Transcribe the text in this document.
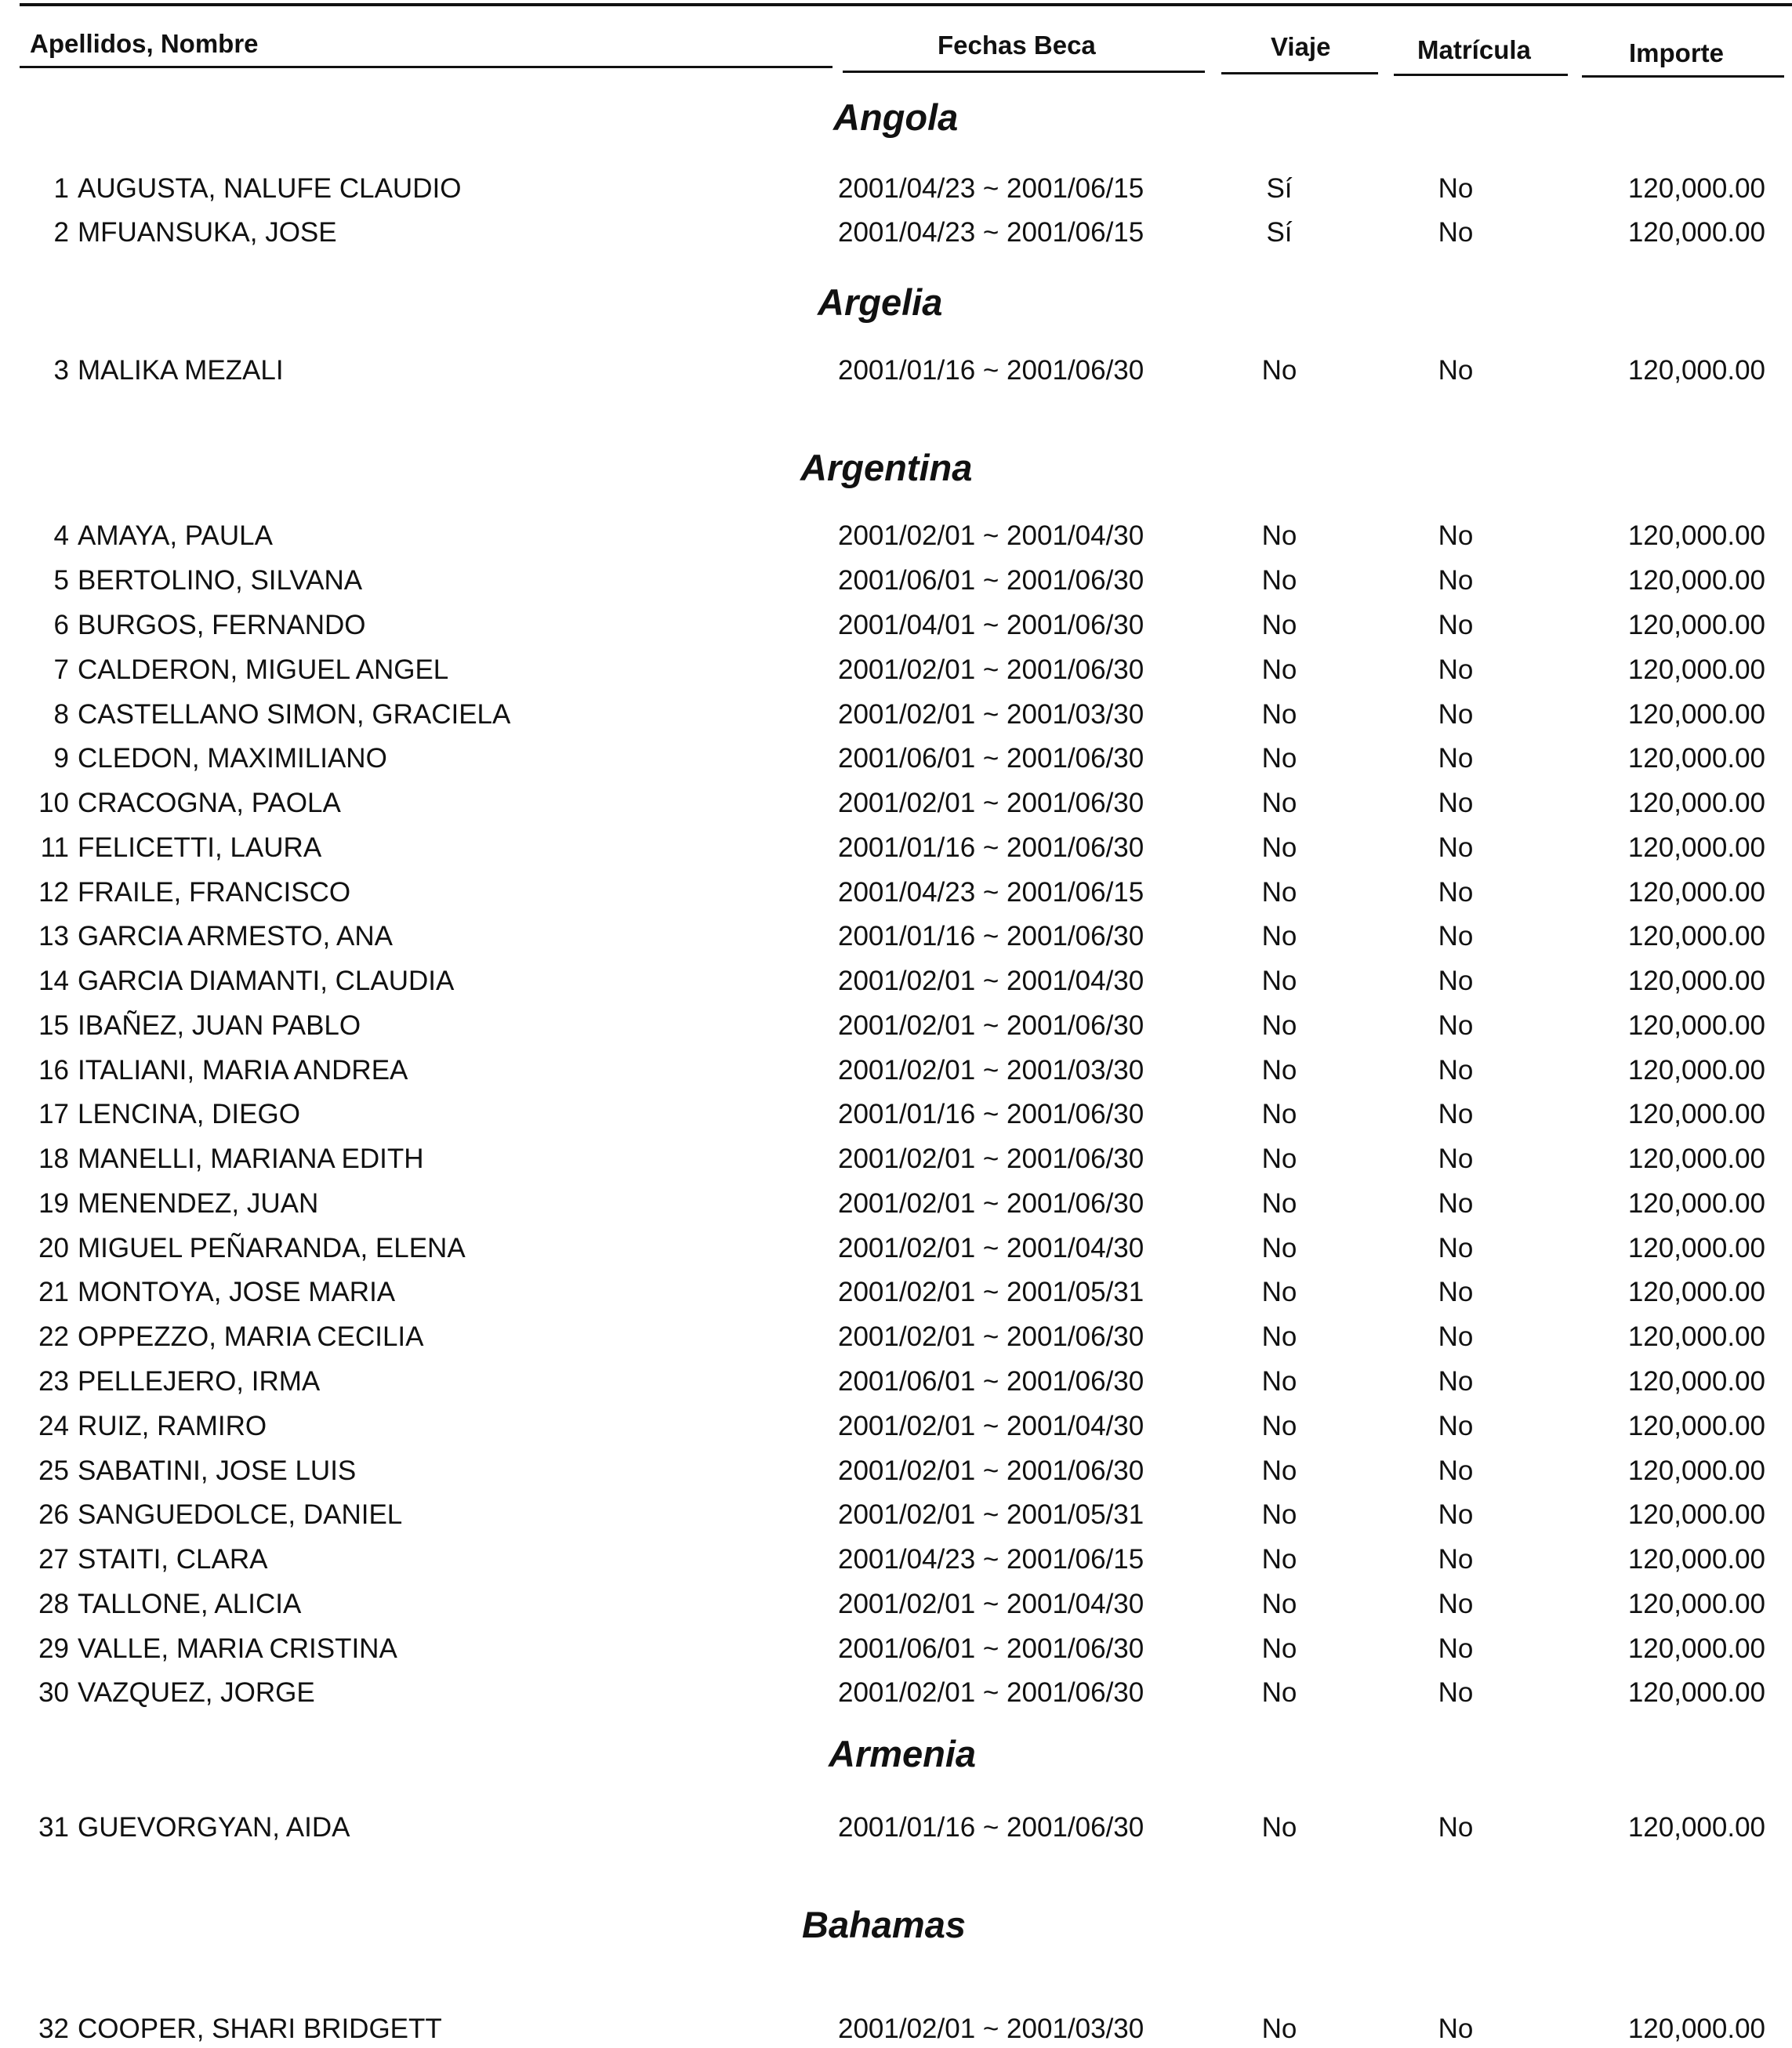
Apellidos, Nombre	Fechas Beca	Viaje	Matrícula	Importe
Angola
1 AUGUSTA, NALUFE CLAUDIO	2001/04/23 ~ 2001/06/15	Sí	No	120,000.00
2 MFUANSUKA, JOSE	2001/04/23 ~ 2001/06/15	Sí	No	120,000.00
Argelia
3 MALIKA MEZALI	2001/01/16 ~ 2001/06/30	No	No	120,000.00
Argentina
4 AMAYA, PAULA	2001/02/01 ~ 2001/04/30	No	No	120,000.00
5 BERTOLINO, SILVANA	2001/06/01 ~ 2001/06/30	No	No	120,000.00
6 BURGOS, FERNANDO	2001/04/01 ~ 2001/06/30	No	No	120,000.00
7 CALDERON, MIGUEL ANGEL	2001/02/01 ~ 2001/06/30	No	No	120,000.00
8 CASTELLANO SIMON, GRACIELA	2001/02/01 ~ 2001/03/30	No	No	120,000.00
9 CLEDON, MAXIMILIANO	2001/06/01 ~ 2001/06/30	No	No	120,000.00
10 CRACOGNA, PAOLA	2001/02/01 ~ 2001/06/30	No	No	120,000.00
11 FELICETTI, LAURA	2001/01/16 ~ 2001/06/30	No	No	120,000.00
12 FRAILE, FRANCISCO	2001/04/23 ~ 2001/06/15	No	No	120,000.00
13 GARCIA ARMESTO, ANA	2001/01/16 ~ 2001/06/30	No	No	120,000.00
14 GARCIA DIAMANTI, CLAUDIA	2001/02/01 ~ 2001/04/30	No	No	120,000.00
15 IBAÑEZ, JUAN PABLO	2001/02/01 ~ 2001/06/30	No	No	120,000.00
16 ITALIANI, MARIA ANDREA	2001/02/01 ~ 2001/03/30	No	No	120,000.00
17 LENCINA, DIEGO	2001/01/16 ~ 2001/06/30	No	No	120,000.00
18 MANELLI, MARIANA EDITH	2001/02/01 ~ 2001/06/30	No	No	120,000.00
19 MENENDEZ, JUAN	2001/02/01 ~ 2001/06/30	No	No	120,000.00
20 MIGUEL PEÑARANDA, ELENA	2001/02/01 ~ 2001/04/30	No	No	120,000.00
21 MONTOYA, JOSE MARIA	2001/02/01 ~ 2001/05/31	No	No	120,000.00
22 OPPEZZO, MARIA CECILIA	2001/02/01 ~ 2001/06/30	No	No	120,000.00
23 PELLEJERO, IRMA	2001/06/01 ~ 2001/06/30	No	No	120,000.00
24 RUIZ, RAMIRO	2001/02/01 ~ 2001/04/30	No	No	120,000.00
25 SABATINI, JOSE LUIS	2001/02/01 ~ 2001/06/30	No	No	120,000.00
26 SANGUEDOLCE, DANIEL	2001/02/01 ~ 2001/05/31	No	No	120,000.00
27 STAITI, CLARA	2001/04/23 ~ 2001/06/15	No	No	120,000.00
28 TALLONE, ALICIA	2001/02/01 ~ 2001/04/30	No	No	120,000.00
29 VALLE, MARIA CRISTINA	2001/06/01 ~ 2001/06/30	No	No	120,000.00
30 VAZQUEZ, JORGE	2001/02/01 ~ 2001/06/30	No	No	120,000.00
Armenia
31 GUEVORGYAN, AIDA	2001/01/16 ~ 2001/06/30	No	No	120,000.00
Bahamas
32 COOPER, SHARI BRIDGETT	2001/02/01 ~ 2001/03/30	No	No	120,000.00
